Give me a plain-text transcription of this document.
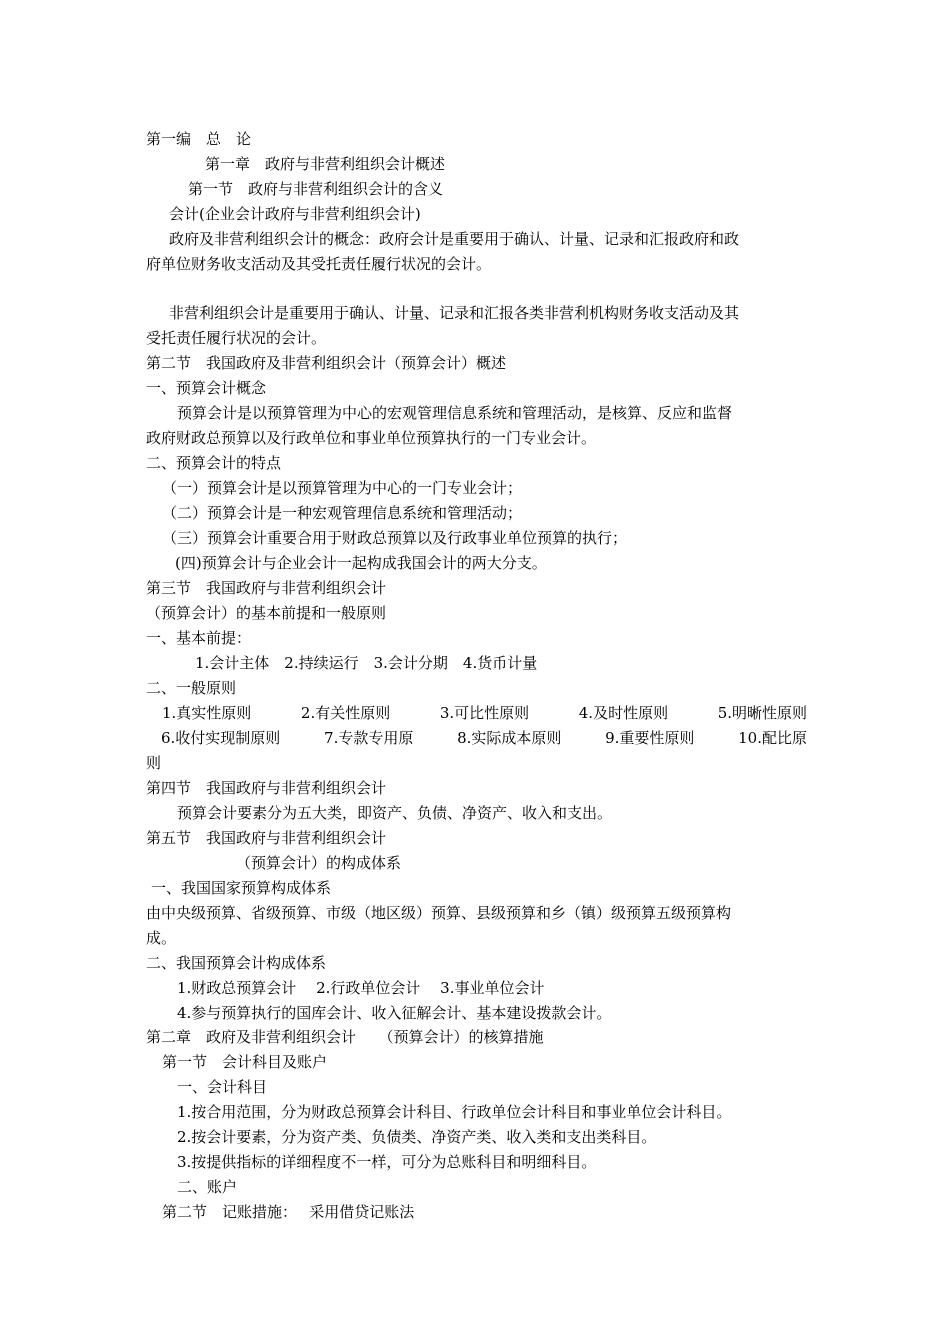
第一编　总　论
第一章　政府与非营利组织会计概述
第一节　政府与非营利组织会计的含义
会计(企业会计政府与非营利组织会计)
政府及非营利组织会计的概念：政府会计是重要用于确认、计量、记录和汇报政府和政
府单位财务收支活动及其受托责任履行状况的会计。
非营利组织会计是重要用于确认、计量、记录和汇报各类非营利机构财务收支活动及其
受托责任履行状况的会计。
第二节　我国政府及非营利组织会计（预算会计）概述
一、预算会计概念
预算会计是以预算管理为中心的宏观管理信息系统和管理活动，是核算、反应和监督
政府财政总预算以及行政单位和事业单位预算执行的一门专业会计。
二、预算会计的特点
（一）预算会计是以预算管理为中心的一门专业会计；
（二）预算会计是一种宏观管理信息系统和管理活动；
（三）预算会计重要合用于财政总预算以及行政事业单位预算的执行；
(四)预算会计与企业会计一起构成我国会计的两大分支。
第三节　我国政府与非营利组织会计
（预算会计）的基本前提和一般原则
一、基本前提：
1.会计主体　2.持续运行　3.会计分期　4.货币计量
二、一般原则
1.真实性原则	2.有关性原则	3.可比性原则	4.及时性原则	5.明晰性原则
6.收付实现制原则	7.专款专用原	8.实际成本原则	9.重要性原则	10.配比原
则
第四节　我国政府与非营利组织会计
预算会计要素分为五大类，即资产、负债、净资产、收入和支出。
第五节　我国政府与非营利组织会计
（预算会计）的构成体系
一、我国国家预算构成体系
由中央级预算、省级预算、市级（地区级）预算、县级预算和乡（镇）级预算五级预算构
成。
二、我国预算会计构成体系
1.财政总预算会计　 2.行政单位会计　 3.事业单位会计
4.参与预算执行的国库会计、收入征解会计、基本建设拨款会计。
第二章　政府及非营利组织会计　　（预算会计）的核算措施
第一节　会计科目及账户
一、会计科目
1.按合用范围，分为财政总预算会计科目、行政单位会计科目和事业单位会计科目。
2.按会计要素，分为资产类、负债类、净资产类、收入类和支出类科目。
3.按提供指标的详细程度不一样，可分为总账科目和明细科目。
二、账户
第二节　记账措施：　 采用借贷记账法
